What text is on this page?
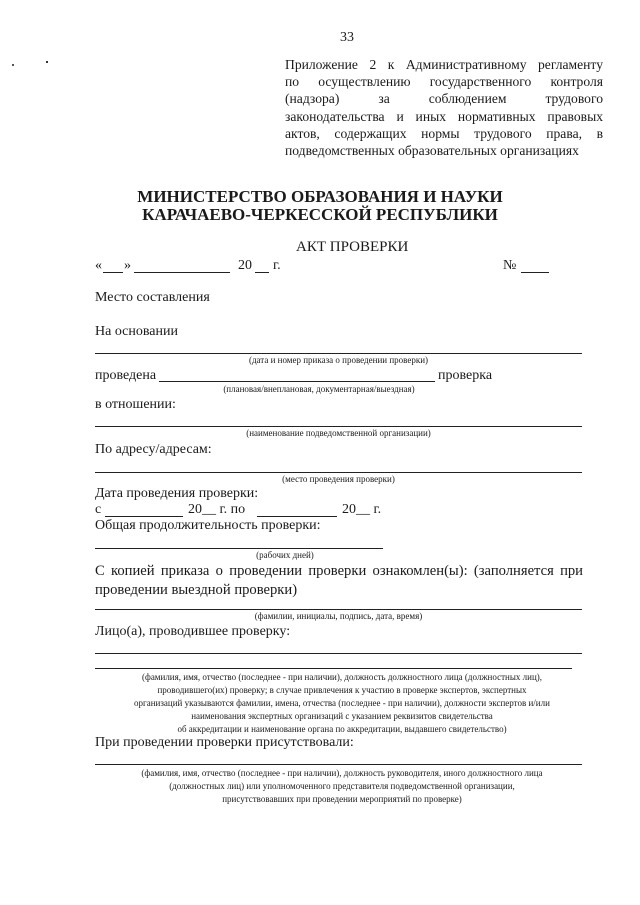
33
Приложение 2 к Административному регламенту
по осуществлению государственного контроля
(надзора) за соблюдением трудового
законодательства и иных нормативных правовых
актов, содержащих нормы трудового права, в
подведомственных образовательных организациях
МИНИСТЕРСТВО ОБРАЗОВАНИЯ И НАУКИ
КАРАЧАЕВО-ЧЕРКЕССКОЙ РЕСПУБЛИКИ
АКТ ПРОВЕРКИ
« »	20 г.	№
Место составления
На основании
(дата и номер приказа о проведении проверки)
проведена	проверка
(плановая/внеплановая, документарная/выездная)
в отношении:
(наименование подведомственной организации)
По адресу/адресам:
(место проведения проверки)
Дата проведения проверки:
с	20__ г. по	20__ г.
Общая продолжительность проверки:
(рабочих дней)
С копией приказа о проведении проверки ознакомлен(ы): (заполняется при
проведении выездной проверки)
(фамилии, инициалы, подпись, дата, время)
Лицо(а), проводившее проверку:
(фамилия, имя, отчество (последнее - при наличии), должность должностного лица (должностных лиц),
проводившего(их) проверку; в случае привлечения к участию в проверке экспертов, экспертных
организаций указываются фамилии, имена, отчества (последнее - при наличии), должности экспертов и/или
наименования экспертных организаций с указанием реквизитов свидетельства
об аккредитации и наименование органа по аккредитации, выдавшего свидетельство)
При проведении проверки присутствовали:
(фамилия, имя, отчество (последнее - при наличии), должность руководителя, иного должностного лица
(должностных лиц) или уполномоченного представителя подведомственной организации,
присутствовавших при проведении мероприятий по проверке)
